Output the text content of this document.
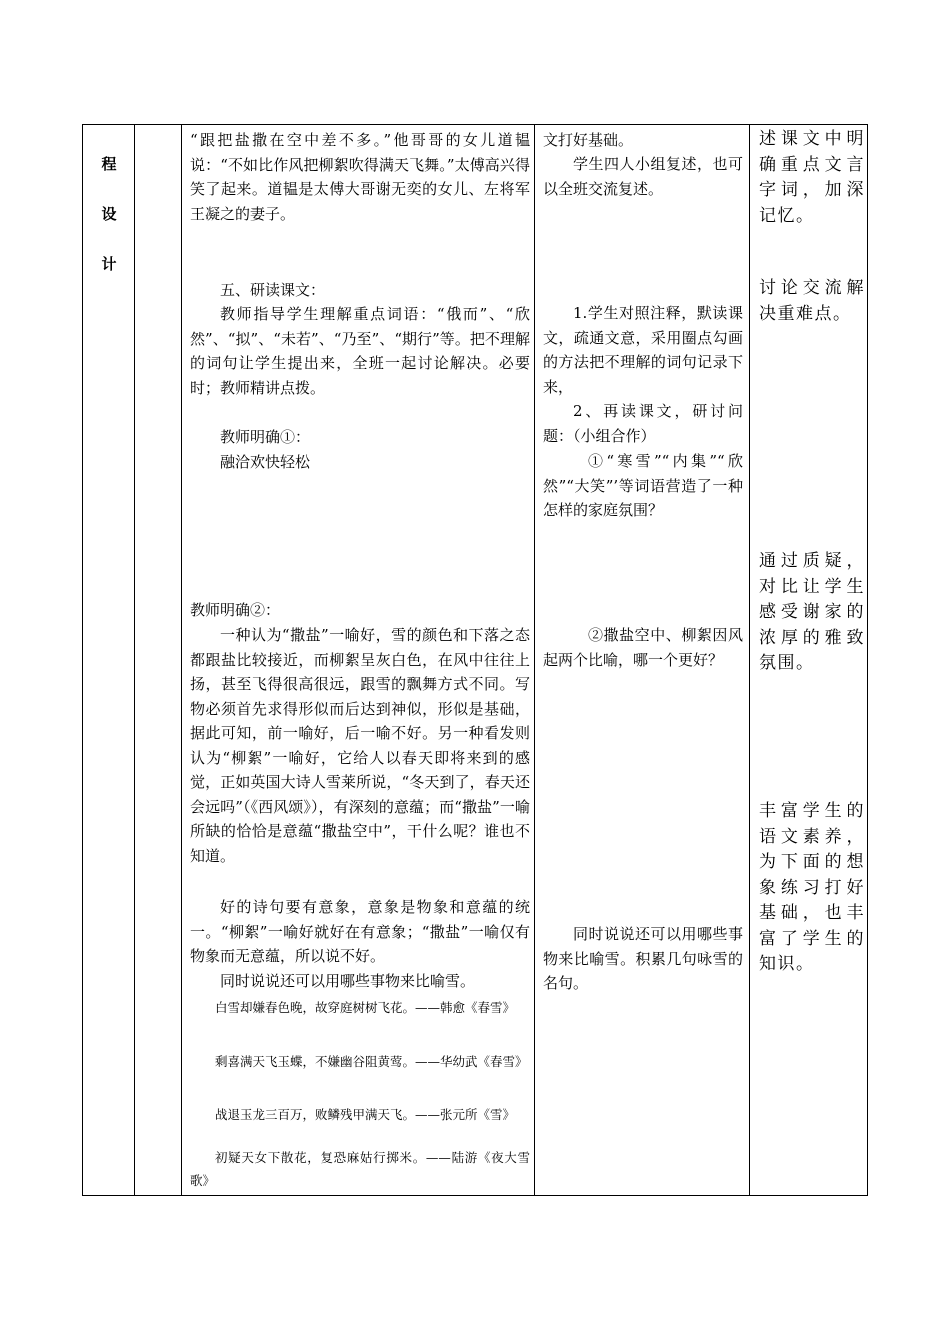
程
设
计

“跟把盐撒在空中差不多。”他哥哥的女儿道韫说：“不如比作风把柳絮吹得满天飞舞。”太傅高兴得笑了起来。道韫是太傅大哥谢无奕的女儿、左将军王凝之的妻子。

五、研读课文：

教师指导学生理解重点词语：“俄而”、“欣然”、“拟”、“未若”、“乃至”、“期行”等。把不理解的词句让学生提出来，全班一起讨论解决。必要时；教师精讲点拨。

教师明确①：

融洽欢快轻松

教师明确②：

一种认为“撒盐”一喻好，雪的颜色和下落之态都跟盐比较接近，而柳絮呈灰白色，在风中往往上扬，甚至飞得很高很远，跟雪的飘舞方式不同。写物必须首先求得形似而后达到神似，形似是基础，据此可知，前一喻好，后一喻不好。另一种看发则认为“柳絮”一喻好，它给人以春天即将来到的感觉，正如英国大诗人雪莱所说，“冬天到了，春天还会远吗”（《西风颂》），有深刻的意蕴；而“撒盐”一喻所缺的恰恰是意蕴“撒盐空中”，干什么呢？谁也不知道。

好的诗句要有意象，意象是物象和意蕴的统一。“柳絮”一喻好就好在有意象；“撒盐”一喻仅有物象而无意蕴，所以说不好。

同时说说还可以用哪些事物来比喻雪。

白雪却嫌春色晚，故穿庭树树飞花。——韩愈《春雪》

剩喜满天飞玉蝶，不嫌幽谷阻黄莺。——华幼武《春雪》

战退玉龙三百万，败鳞残甲满天飞。——张元所《雪》

初疑天女下散花，复恐麻姑行掷米。——陆游《夜大雪歌》

文打好基础。

学生四人小组复述，也可以全班交流复述。

1.学生对照注释，默读课文，疏通文意，采用圈点勾画的方法把不理解的词句记录下来，

2、再读课文，研讨问题：（小组合作）

①“寒雪”“内集”“欣然”“大笑”’等词语营造了一种怎样的家庭氛围？

②撒盐空中、柳絮因风起两个比喻，哪一个更好？

同时说说还可以用哪些事物来比喻雪。积累几句咏雪的名句。

述课文中明确重点文言字词，加深记忆。

讨论交流解决重难点。

通过质疑，对比让学生感受谢家的浓厚的雅致氛围。

丰富学生的语文素养，为下面的想象练习打好基础，也丰富了学生的知识。
